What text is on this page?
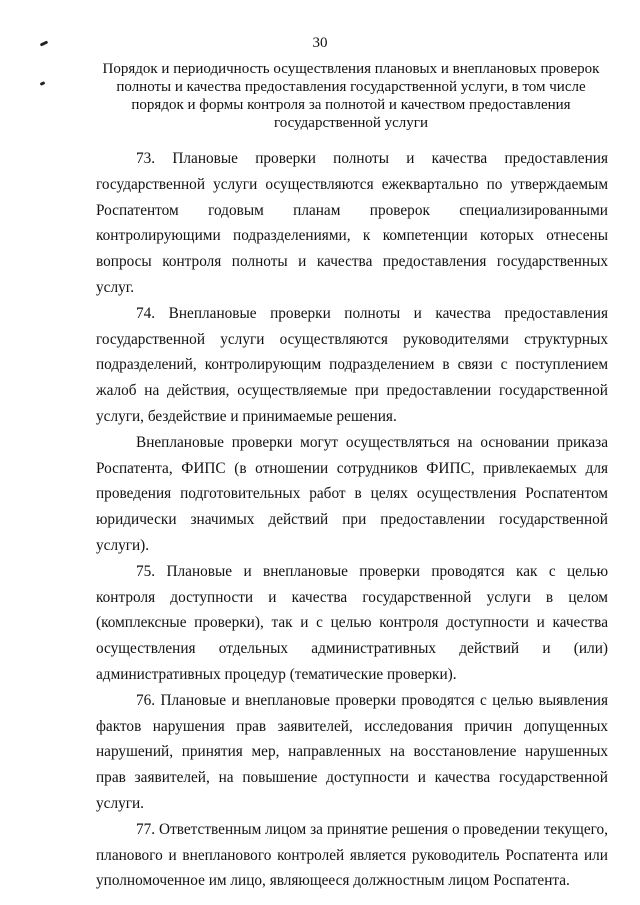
30
Порядок и периодичность осуществления плановых и внеплановых проверок полноты и качества предоставления государственной услуги, в том числе порядок и формы контроля за полнотой и качеством предоставления государственной услуги

73. Плановые проверки полноты и качества предоставления государственной услуги осуществляются ежеквартально по утверждаемым Роспатентом годовым планам проверок специализированными контролирующими подразделениями, к компетенции которых отнесены вопросы контроля полноты и качества предоставления государственных услуг.

74. Внеплановые проверки полноты и качества предоставления государственной услуги осуществляются руководителями структурных подразделений, контролирующим подразделением в связи с поступлением жалоб на действия, осуществляемые при предоставлении государственной услуги, бездействие и принимаемые решения.

Внеплановые проверки могут осуществляться на основании приказа Роспатента, ФИПС (в отношении сотрудников ФИПС, привлекаемых для проведения подготовительных работ в целях осуществления Роспатентом юридически значимых действий при предоставлении государственной услуги).

75. Плановые и внеплановые проверки проводятся как с целью контроля доступности и качества государственной услуги в целом (комплексные проверки), так и с целью контроля доступности и качества осуществления отдельных административных действий и (или) административных процедур (тематические проверки).

76. Плановые и внеплановые проверки проводятся с целью выявления фактов нарушения прав заявителей, исследования причин допущенных нарушений, принятия мер, направленных на восстановление нарушенных прав заявителей, на повышение доступности и качества государственной услуги.

77. Ответственным лицом за принятие решения о проведении текущего, планового и внепланового контролей является руководитель Роспатента или уполномоченное им лицо, являющееся должностным лицом Роспатента.
